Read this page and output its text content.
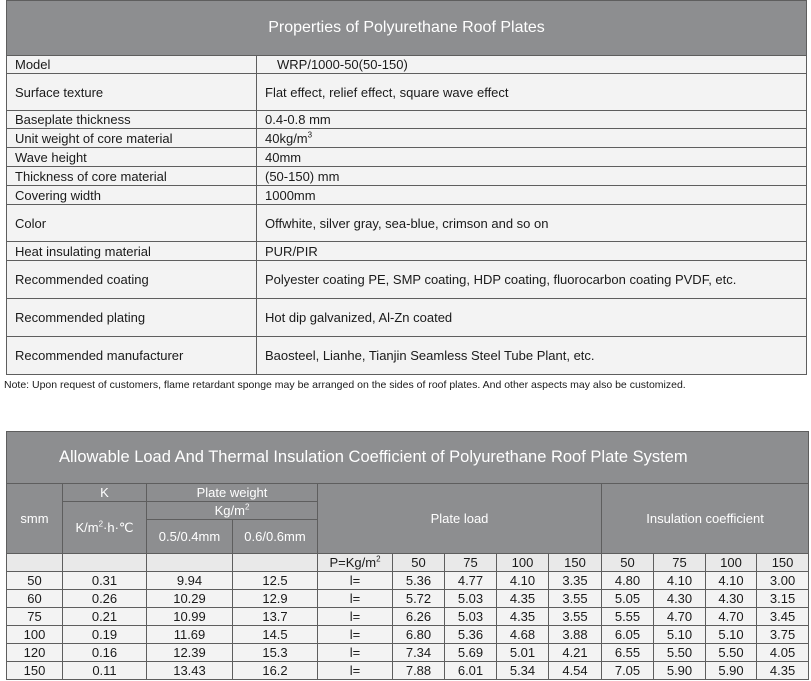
Properties of Polyurethane Roof Plates	
Model	WRP/1000-50(50-150)
Surface texture	Flat effect, relief effect, square wave effect
Baseplate thickness	0.4-0.8 mm
Unit weight of core material	$40kg/m^3$
Wave height	40mm
Thickness of core material	(50-150) mm
Covering width	1000mm
Color	Offwhite, silver gray, sea-blue, crimson and so on
Heat insulating material	PUR/PIR
Recommended coating	Polyester coating PE, SMP coating, HDP coating, fluorocarbon coating PVDF, etc.
Recommended plating	Hot dip galvanized, Al-Zn coated
Recommended manufacturer	Baosteel, Lianhe, Tianjin Seamless Steel Tube Plant, etc.
Note: Upon request of customers, flame retardant sponge may be arranged on the sides of roof plates. And other aspects may also be customized.
Allowable Load And Thermal Insulation Coefficient of Polyurethane Roof Plate System												
smm	K	Plate weight		Plate load					Insulation coefficient			
	$K/m^2\cdot h\cdot℃$	$Kg/m^2$
		0.5/0.4mm	0.6/0.6mm									
				$P=Kg/m^2$	50	75	100	150	50	75	100	150
50	0.31	9.94	12.5	l=	5.36	4.77	4.10	3.35	4.80	4.10	4.10	3.00
60	0.26	10.29	12.9	l=	5.72	5.03	4.35	3.55	5.05	4.30	4.30	3.15
75	0.21	10.99	13.7	l=	6.26	5.03	4.35	3.55	5.55	4.70	4.70	3.45
100	0.19	11.69	14.5	l=	6.80	5.36	4.68	3.88	6.05	5.10	5.10	3.75
120	0.16	12.39	15.3	l=	7.34	5.69	5.01	4.21	6.55	5.50	5.50	4.05
150	0.11	13.43	16.2	l=	7.88	6.01	5.34	4.54	7.05	5.90	5.90	4.35
